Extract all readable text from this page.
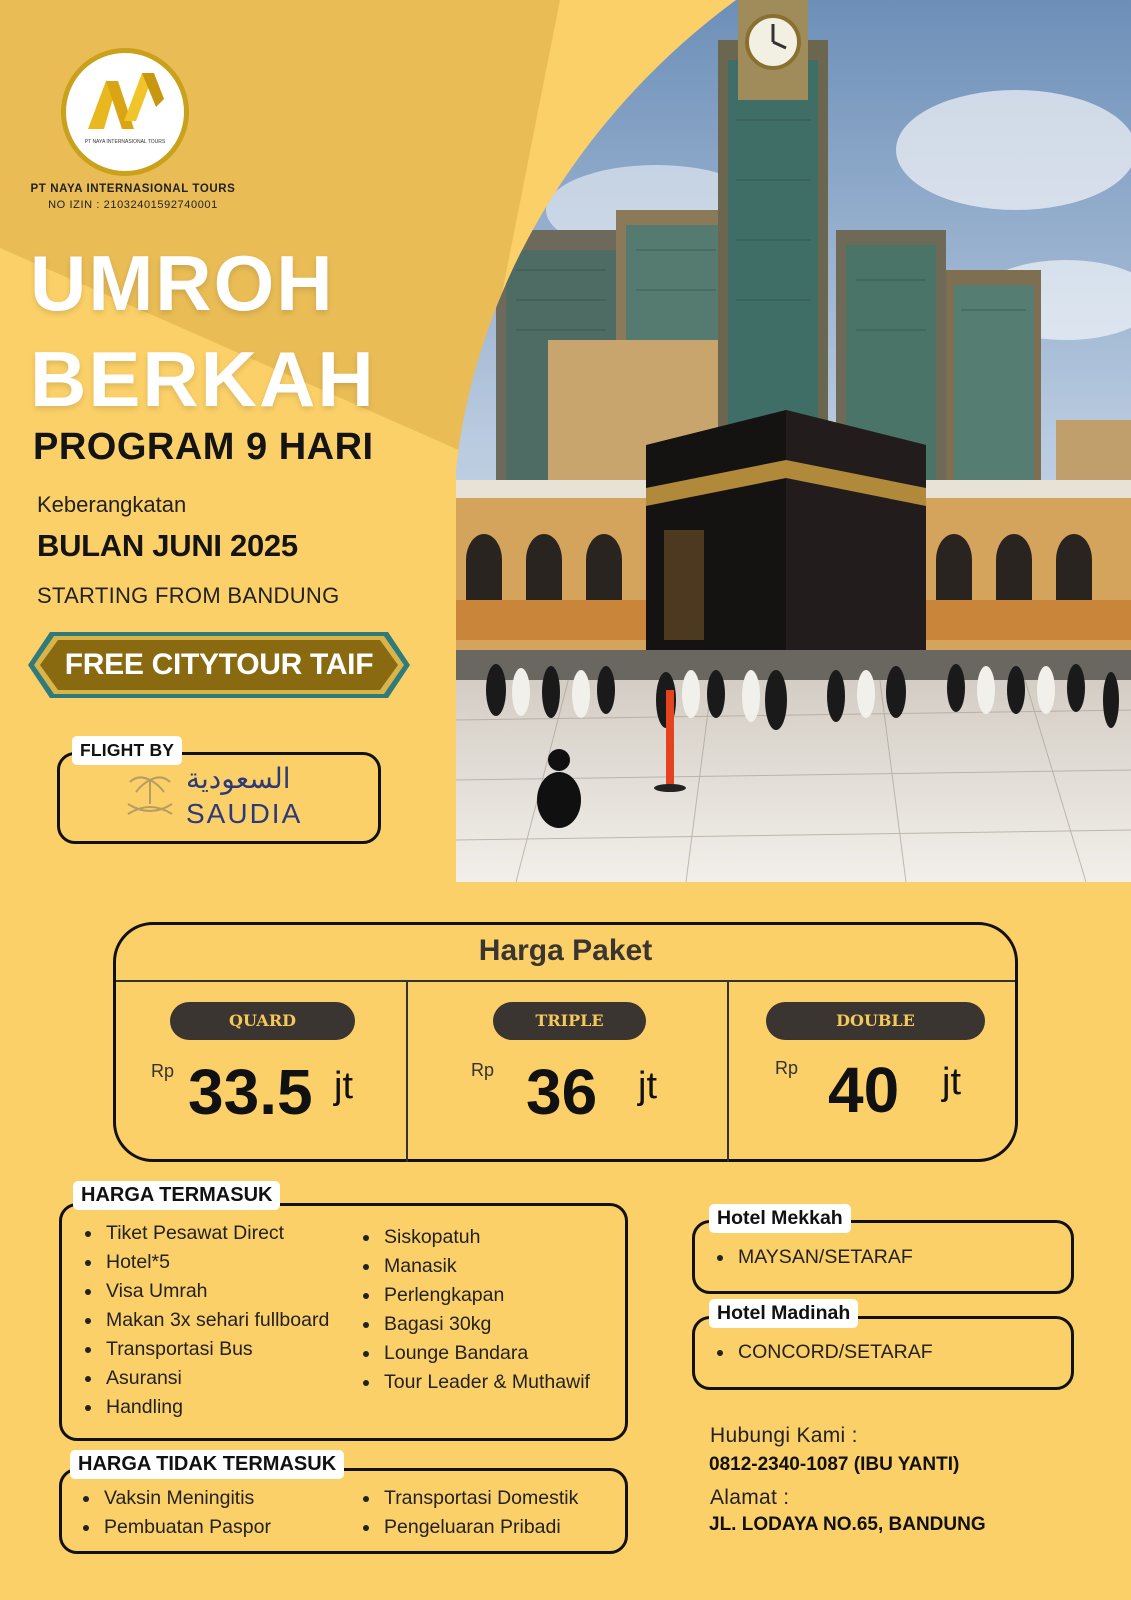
PT NAYA INTERNASIONAL TOURS
PT NAYA INTERNASIONAL TOURS
NO IZIN : 21032401592740001
UMROH
BERKAH
PROGRAM 9 HARI
Keberangkatan
BULAN JUNI 2025
STARTING FROM BANDUNG
FREE CITYTOUR TAIF
FLIGHT BY
السعودية
SAUDIA
Harga Paket
QUARD
Rp 33.5 jt
TRIPLE
Rp 36 jt
DOUBLE
Rp 40 jt
HARGA TERMASUK
Tiket Pesawat Direct
Hotel*5
Visa Umrah
Makan 3x sehari fullboard
Transportasi Bus
Asuransi
Handling
Siskopatuh
Manasik
Perlengkapan
Bagasi 30kg
Lounge Bandara
Tour Leader & Muthawif
HARGA TIDAK TERMASUK
Vaksin Meningitis
Pembuatan Paspor
Transportasi Domestik
Pengeluaran Pribadi
Hotel Mekkah
MAYSAN/SETARAF
Hotel Madinah
CONCORD/SETARAF
Hubungi Kami :
0812-2340-1087 (IBU YANTI)
Alamat :
JL. LODAYA NO.65, BANDUNG
